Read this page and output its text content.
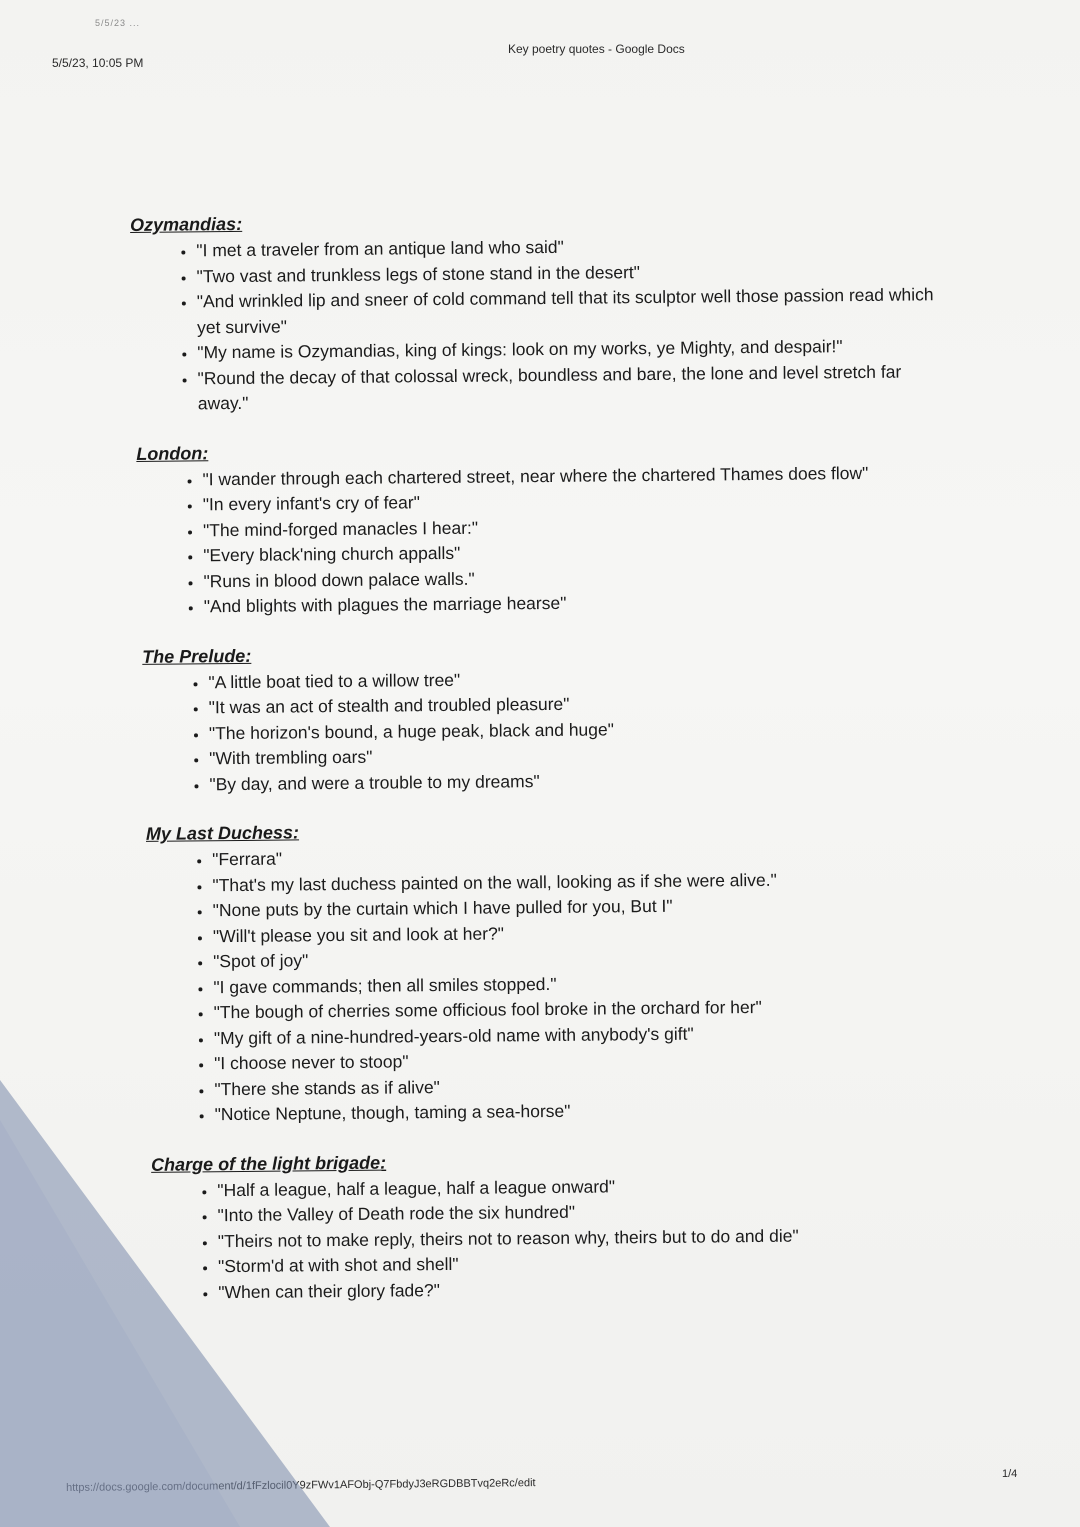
5/5/23 ...
5/5/23, 10:05 PM
Key poetry quotes - Google Docs
Ozymandias:
• "I met a traveler from an antique land who said"
• "Two vast and trunkless legs of stone stand in the desert"
• "And wrinkled lip and sneer of cold command tell that its sculptor well those passion read which yet survive"
• "My name is Ozymandias, king of kings: look on my works, ye Mighty, and despair!"
• "Round the decay of that colossal wreck, boundless and bare, the lone and level stretch far away."
London:
• "I wander through each chartered street, near where the chartered Thames does flow"
• "In every infant's cry of fear"
• "The mind-forged manacles I hear:"
• "Every black'ning church appalls"
• "Runs in blood down palace walls."
• "And blights with plagues the marriage hearse"
The Prelude:
• "A little boat tied to a willow tree"
• "It was an act of stealth and troubled pleasure"
• "The horizon's bound, a huge peak, black and huge"
• "With trembling oars"
• "By day, and were a trouble to my dreams"
My Last Duchess:
• "Ferrara"
• "That's my last duchess painted on the wall, looking as if she were alive."
• "None puts by the curtain which I have pulled for you, But I"
• "Will't please you sit and look at her?"
• "Spot of joy"
• "I gave commands; then all smiles stopped."
• "The bough of cherries some officious fool broke in the orchard for her"
• "My gift of a nine-hundred-years-old name with anybody's gift"
• "I choose never to stoop"
• "There she stands as if alive"
• "Notice Neptune, though, taming a sea-horse"
Charge of the light brigade:
• "Half a league, half a league, half a league onward"
• "Into the Valley of Death rode the six hundred"
• "Theirs not to make reply, theirs not to reason why, theirs but to do and die"
• "Storm'd at with shot and shell"
• "When can their glory fade?"
https://docs.google.com/document/d/1fFzlocil0Y9zFWv1AFObj-Q7FbdyJ3eRGDBBTvq2eRc/edit
1/4
